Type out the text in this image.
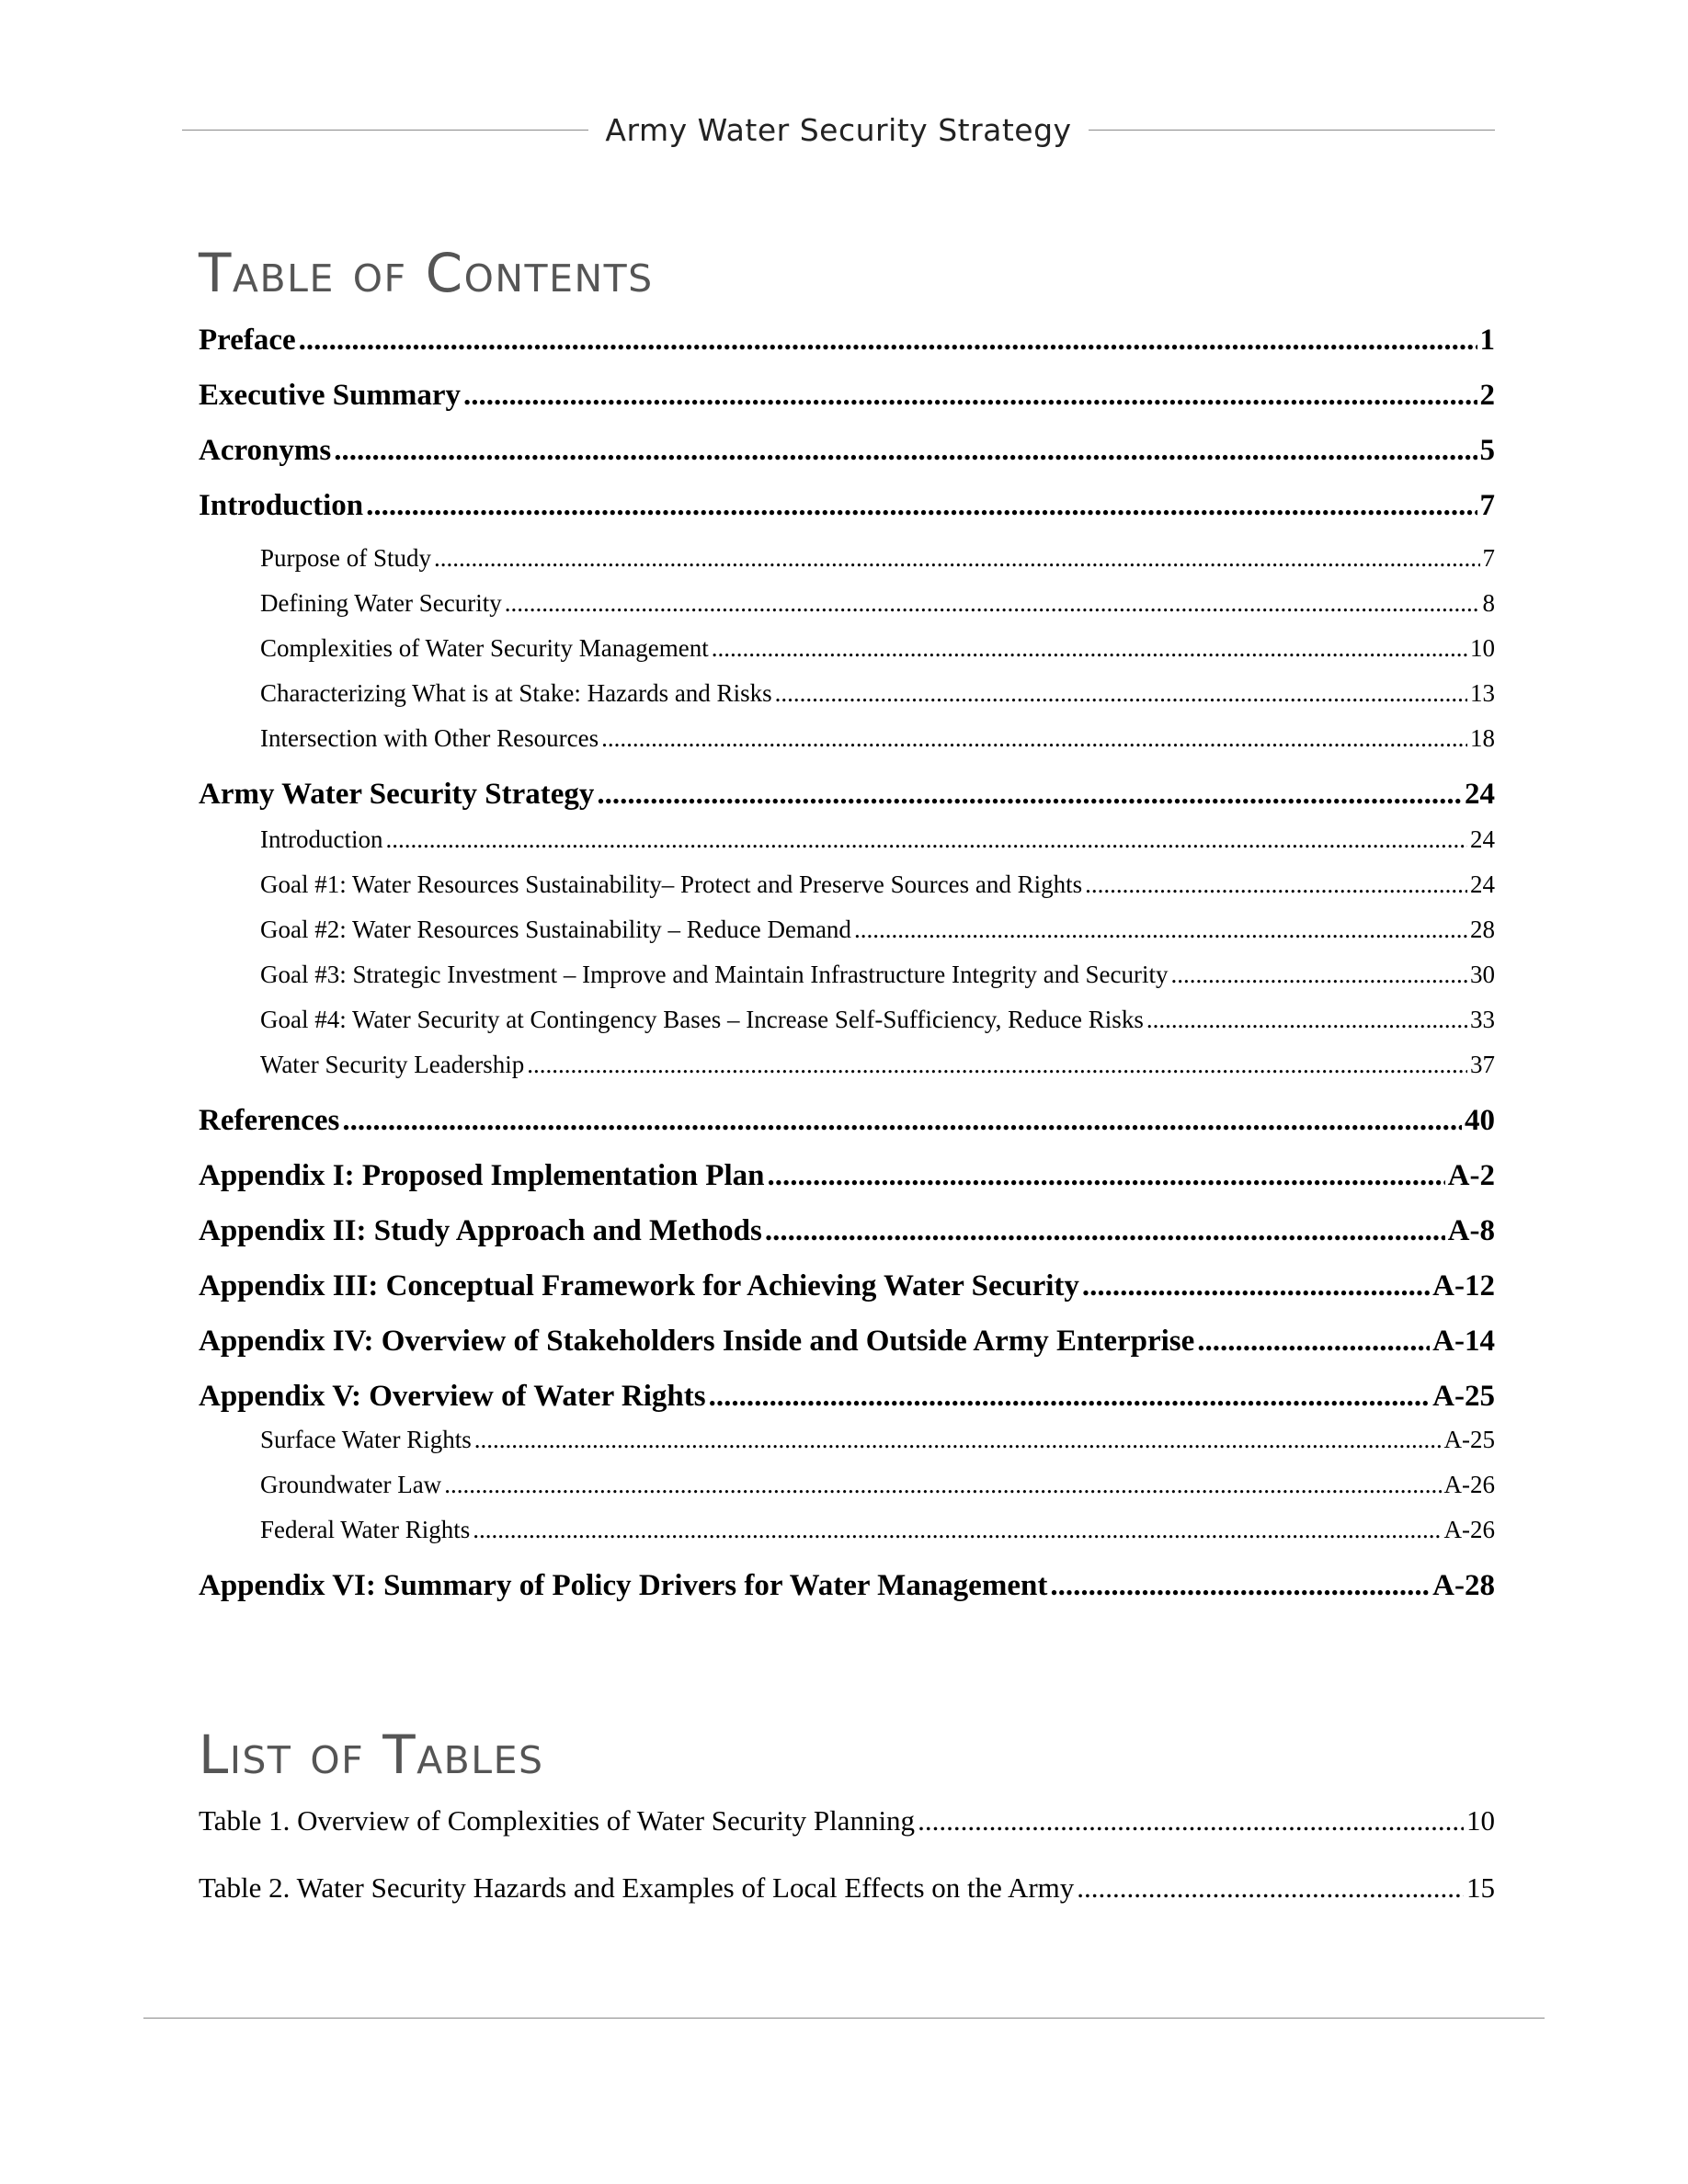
Army Water Security Strategy
Table of Contents
Preface .....	1
Executive Summary .....	2
Acronyms .....	5
Introduction .....	7
Purpose of Study .....	7
Defining Water Security .....	8
Complexities of Water Security Management .....	10
Characterizing What is at Stake: Hazards and Risks .....	13
Intersection with Other Resources .....	18
Army Water Security Strategy .....	24
Introduction .....	24
Goal #1: Water Resources Sustainability– Protect and Preserve Sources and Rights .....	24
Goal #2: Water Resources Sustainability – Reduce Demand .....	28
Goal #3: Strategic Investment – Improve and Maintain Infrastructure Integrity and Security .....	30
Goal #4: Water Security at Contingency Bases – Increase Self-Sufficiency, Reduce Risks .....	33
Water Security Leadership .....	37
References .....	40
Appendix I: Proposed Implementation Plan .....	A-2
Appendix II: Study Approach and Methods .....	A-8
Appendix III: Conceptual Framework for Achieving Water Security .....	A-12
Appendix IV: Overview of Stakeholders Inside and Outside Army Enterprise .....	A-14
Appendix V: Overview of Water Rights .....	A-25
Surface Water Rights .....	A-25
Groundwater Law .....	A-26
Federal Water Rights .....	A-26
Appendix VI: Summary of Policy Drivers for Water Management .....	A-28
List of Tables
Table 1. Overview of Complexities of Water Security Planning .....	10
Table 2. Water Security Hazards and Examples of Local Effects on the Army .....	15
